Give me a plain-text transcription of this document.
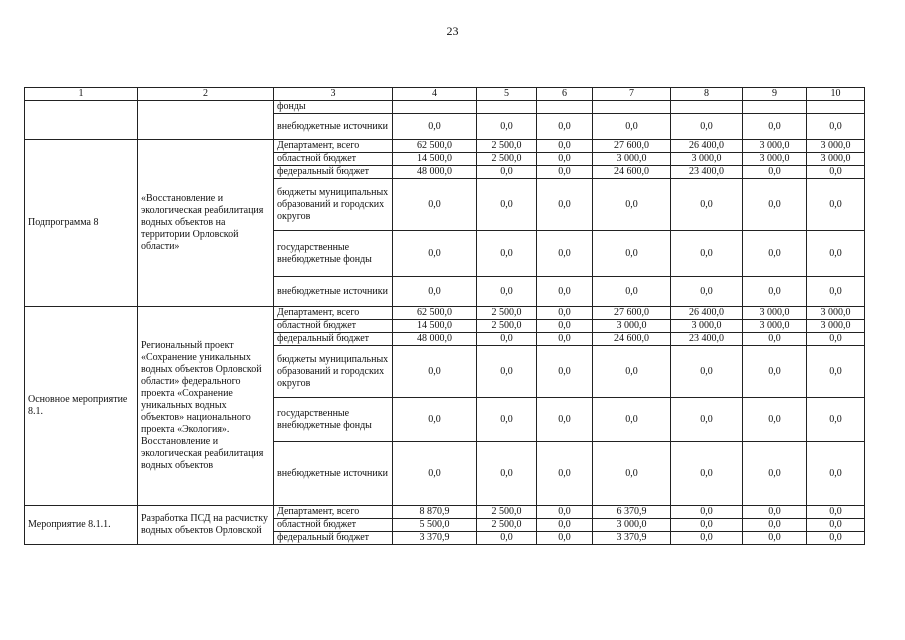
23
1	2	3	4	5	6	7	8	9	10
		фонды							
		внебюджетные источники	0,0	0,0	0,0	0,0	0,0	0,0	0,0
Подпрограмма 8	«Восстановление и экологическая реабилитация водных объектов на территории Орловской области»	Департамент, всего	62 500,0	2 500,0	0,0	27 600,0	26 400,0	3 000,0	3 000,0
		областной бюджет	14 500,0	2 500,0	0,0	3 000,0	3 000,0	3 000,0	3 000,0
		федеральный бюджет	48 000,0	0,0	0,0	24 600,0	23 400,0	0,0	0,0
		бюджеты муниципальных образований и городских округов	0,0	0,0	0,0	0,0	0,0	0,0	0,0
		государственные внебюджетные фонды	0,0	0,0	0,0	0,0	0,0	0,0	0,0
		внебюджетные источники	0,0	0,0	0,0	0,0	0,0	0,0	0,0
Основное мероприятие 8.1.	Региональный проект «Сохранение уникальных водных объектов Орловской области» федерального проекта «Сохранение уникальных водных объектов» национального проекта «Экология». Восстановление и экологическая реабилитация водных объектов	Департамент, всего	62 500,0	2 500,0	0,0	27 600,0	26 400,0	3 000,0	3 000,0
		областной бюджет	14 500,0	2 500,0	0,0	3 000,0	3 000,0	3 000,0	3 000,0
		федеральный бюджет	48 000,0	0,0	0,0	24 600,0	23 400,0	0,0	0,0
		бюджеты муниципальных образований и городских округов	0,0	0,0	0,0	0,0	0,0	0,0	0,0
		государственные внебюджетные фонды	0,0	0,0	0,0	0,0	0,0	0,0	0,0
		внебюджетные источники	0,0	0,0	0,0	0,0	0,0	0,0	0,0
Мероприятие 8.1.1.	Разработка ПСД на расчистку водных объектов Орловской	Департамент, всего	8 870,9	2 500,0	0,0	6 370,9	0,0	0,0	0,0
		областной бюджет	5 500,0	2 500,0	0,0	3 000,0	0,0	0,0	0,0
		федеральный бюджет	3 370,9	0,0	0,0	3 370,9	0,0	0,0	0,0
